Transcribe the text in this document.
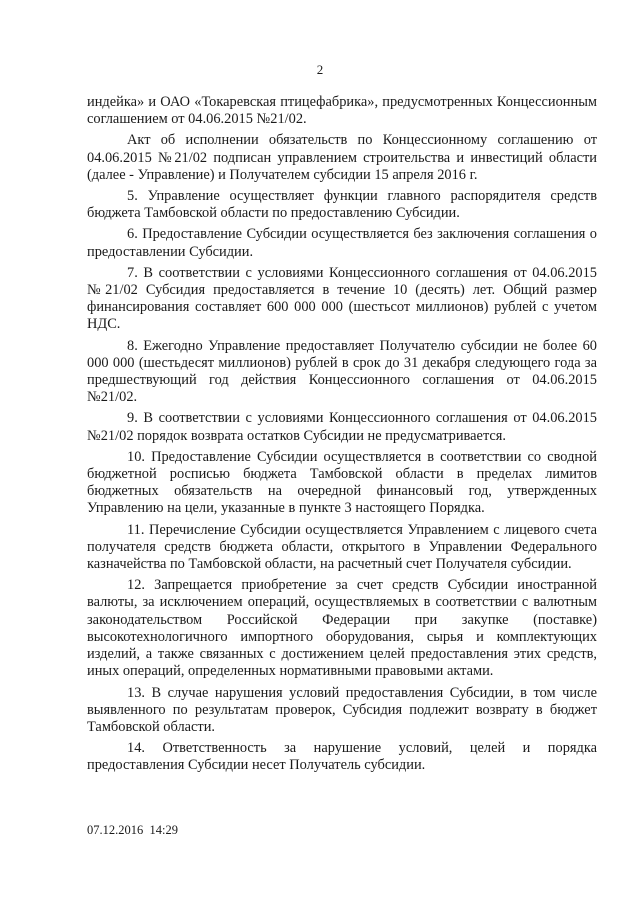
2

индейка» и ОАО «Токаревская птицефабрика», предусмотренных Концессионным соглашением от 04.06.2015 №21/02.

Акт об исполнении обязательств по Концессионному соглашению от 04.06.2015 №21/02 подписан управлением строительства и инвестиций области (далее - Управление) и Получателем субсидии 15 апреля 2016 г.

5. Управление осуществляет функции главного распорядителя средств бюджета Тамбовской области по предоставлению Субсидии.

6. Предоставление Субсидии осуществляется без заключения соглашения о предоставлении Субсидии.

7. В соответствии с условиями Концессионного соглашения от 04.06.2015 №21/02 Субсидия предоставляется в течение 10 (десять) лет. Общий размер финансирования составляет 600 000 000 (шестьсот миллионов) рублей с учетом НДС.

8. Ежегодно Управление предоставляет Получателю субсидии не более 60 000 000 (шестьдесят миллионов) рублей в срок до 31 декабря следующего года за предшествующий год действия Концессионного соглашения от 04.06.2015 №21/02.

9. В соответствии с условиями Концессионного соглашения от 04.06.2015 №21/02 порядок возврата остатков Субсидии не предусматривается.

10. Предоставление Субсидии осуществляется в соответствии со сводной бюджетной росписью бюджета Тамбовской области в пределах лимитов бюджетных обязательств на очередной финансовый год, утвержденных Управлению на цели, указанные в пункте 3 настоящего Порядка.

11. Перечисление Субсидии осуществляется Управлением с лицевого счета получателя средств бюджета области, открытого в Управлении Федерального казначейства по Тамбовской области, на расчетный счет Получателя субсидии.

12. Запрещается приобретение за счет средств Субсидии иностранной валюты, за исключением операций, осуществляемых в соответствии с валютным законодательством Российской Федерации при закупке (поставке) высокотехнологичного импортного оборудования, сырья и комплектующих изделий, а также связанных с достижением целей предоставления этих средств, иных операций, определенных нормативными правовыми актами.

13. В случае нарушения условий предоставления Субсидии, в том числе выявленного по результатам проверок, Субсидия подлежит возврату в бюджет Тамбовской области.

14. Ответственность за нарушение условий, целей и порядка предоставления Субсидии несет Получатель субсидии.

07.12.2016  14:29
